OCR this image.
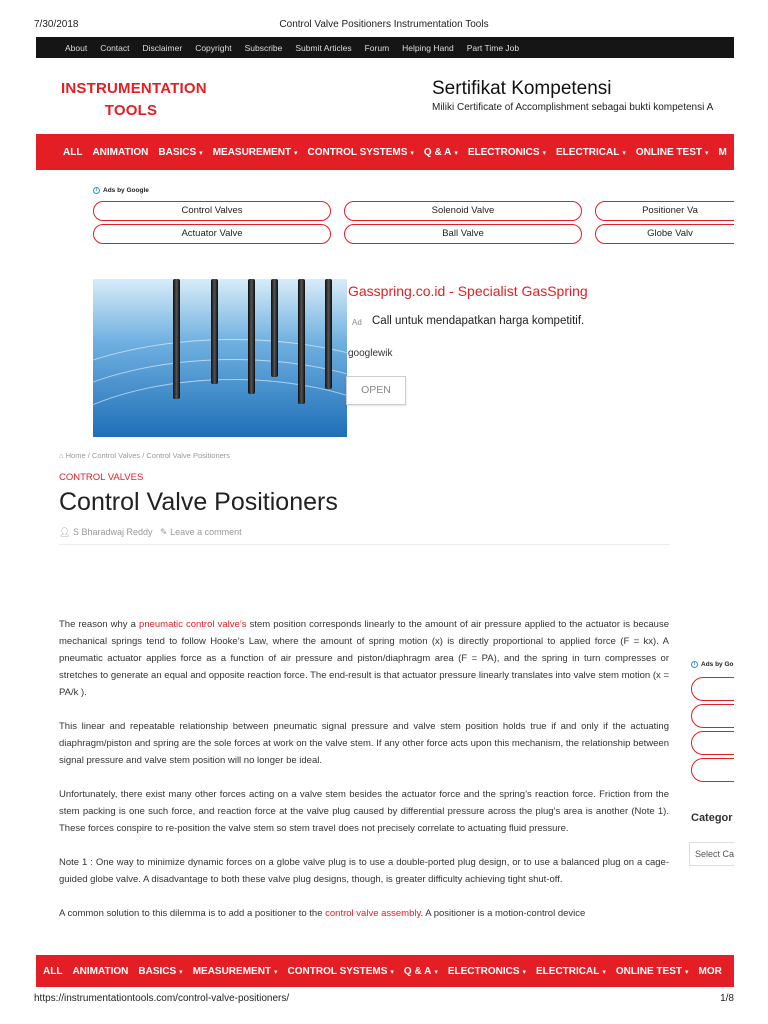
7/30/2018	Control Valve Positioners Instrumentation Tools
About Contact Disclaimer Copyright Subscribe Submit Articles Forum Helping Hand Part Time Job
INSTRUMENTATION
TOOLS
Sertifikat Kompetensi
Miliki Certificate of Accomplishment sebagai bukti kompetensi A
ALL ANIMATION BASICS ▾ MEASUREMENT ▾ CONTROL SYSTEMS ▾ Q & A ▾ ELECTRONICS ▾ ELECTRICAL ▾ ONLINE TEST ▾ M
i Ads by Google
Control Valves	Solenoid Valve	Positioner Va
Actuator Valve	Ball Valve	Globe Valv
Gasspring.co.id - Specialist GasSpring
Ad Call untuk mendapatkan harga kompetitif.
googlewik
OPEN
⌂ Home / Control Valves / Control Valve Positioners
CONTROL VALVES
Control Valve Positioners
👤︎ S Bharadwaj Reddy ✎ Leave a comment

The reason why a pneumatic control valve’s stem position corresponds linearly to the amount of air pressure applied to the actuator is because mechanical springs tend to follow Hooke’s Law, where the amount of spring motion (x) is directly proportional to applied force (F = kx). A pneumatic actuator applies force as a function of air pressure and piston/diaphragm area (F = PA), and the spring in turn compresses or stretches to generate an equal and opposite reaction force. The end-result is that actuator pressure linearly translates into valve stem motion (x = PA/k ).

This linear and repeatable relationship between pneumatic signal pressure and valve stem position holds true if and only if the actuating diaphragm/piston and spring are the sole forces at work on the valve stem. If any other force acts upon this mechanism, the relationship between signal pressure and valve stem position will no longer be ideal.

Unfortunately, there exist many other forces acting on a valve stem besides the actuator force and the spring’s reaction force. Friction from the stem packing is one such force, and reaction force at the valve plug caused by differential pressure across the plug’s area is another (Note 1). These forces conspire to re-position the valve stem so stem travel does not precisely correlate to actuating fluid pressure.

Note 1 : One way to minimize dynamic forces on a globe valve plug is to use a double-ported plug design, or to use a balanced plug on a cage-guided globe valve. A disadvantage to both these valve plug designs, though, is greater difficulty achieving tight shut-off.

A common solution to this dilemma is to add a positioner to the control valve assembly. A positioner is a motion-control device

i Ads by Go
Categor
Select Ca
ALL ANIMATION BASICS ▾ MEASUREMENT ▾ CONTROL SYSTEMS ▾ Q & A ▾ ELECTRONICS ▾ ELECTRICAL ▾ ONLINE TEST ▾ MOR
https://instrumentationtools.com/control-valve-positioners/	1/8
